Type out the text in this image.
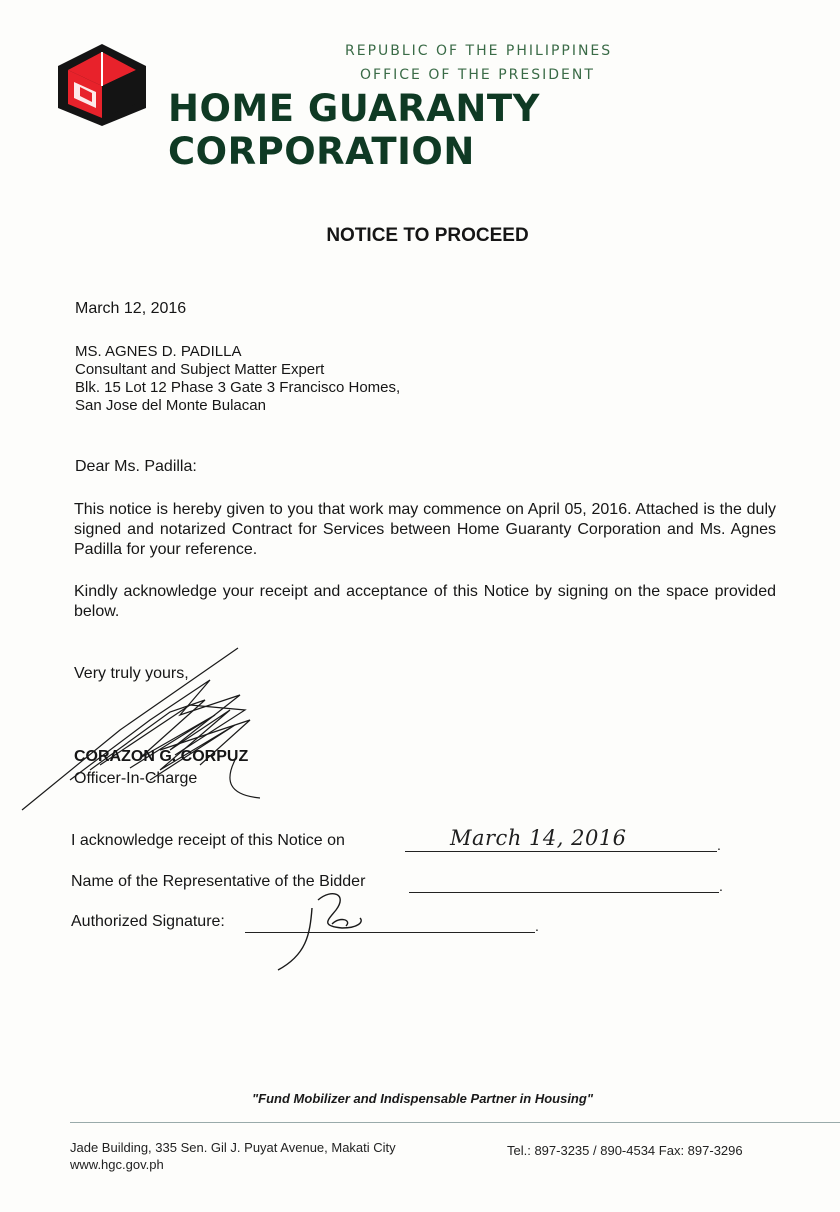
REPUBLIC OF THE PHILIPPINES
OFFICE OF THE PRESIDENT
HOME GUARANTY CORPORATION
NOTICE TO PROCEED
March 12, 2016
MS. AGNES D. PADILLA
Consultant and Subject Matter Expert
Blk. 15 Lot 12 Phase 3 Gate 3 Francisco Homes,
San Jose del Monte Bulacan
Dear Ms. Padilla:
This notice is hereby given to you that work may commence on April 05, 2016. Attached is the duly signed and notarized Contract for Services between Home Guaranty Corporation and Ms. Agnes Padilla for your reference.
Kindly acknowledge your receipt and acceptance of this Notice by signing on the space provided below.
Very truly yours,
CORAZON G. CORPUZ
Officer-In-Charge
I acknowledge receipt of this Notice on	March 14, 2016	.
Name of the Representative of the Bidder	.
Authorized Signature:	.
"Fund Mobilizer and Indispensable Partner in Housing"
Jade Building, 335 Sen. Gil J. Puyat Avenue, Makati City
www.hgc.gov.ph
Tel.: 897-3235 / 890-4534 Fax: 897-3296
